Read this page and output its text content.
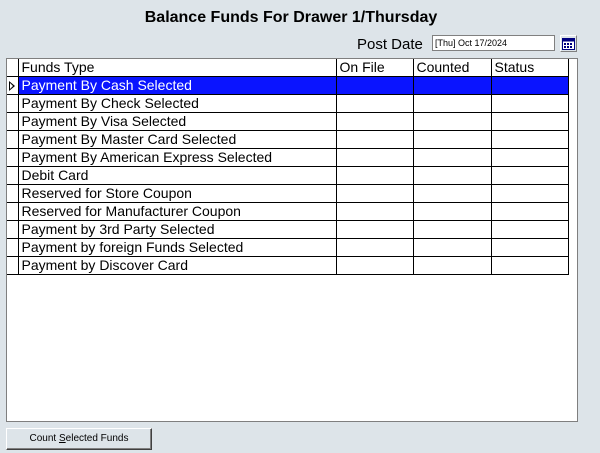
Balance Funds For Drawer 1/Thursday
Post Date	[Thu] Oct 17/2024
	Funds Type	On File	Counted	Status

	Payment By Cash Selected			
	Payment By Check Selected			
	Payment By Visa Selected			
	Payment By Master Card Selected			
	Payment By American Express Selected			
	Debit Card			
	Reserved for Store Coupon			
	Reserved for Manufacturer Coupon			
	Payment by 3rd Party Selected			
	Payment by foreign Funds Selected			
	Payment by Discover Card			
Count Selected Funds
